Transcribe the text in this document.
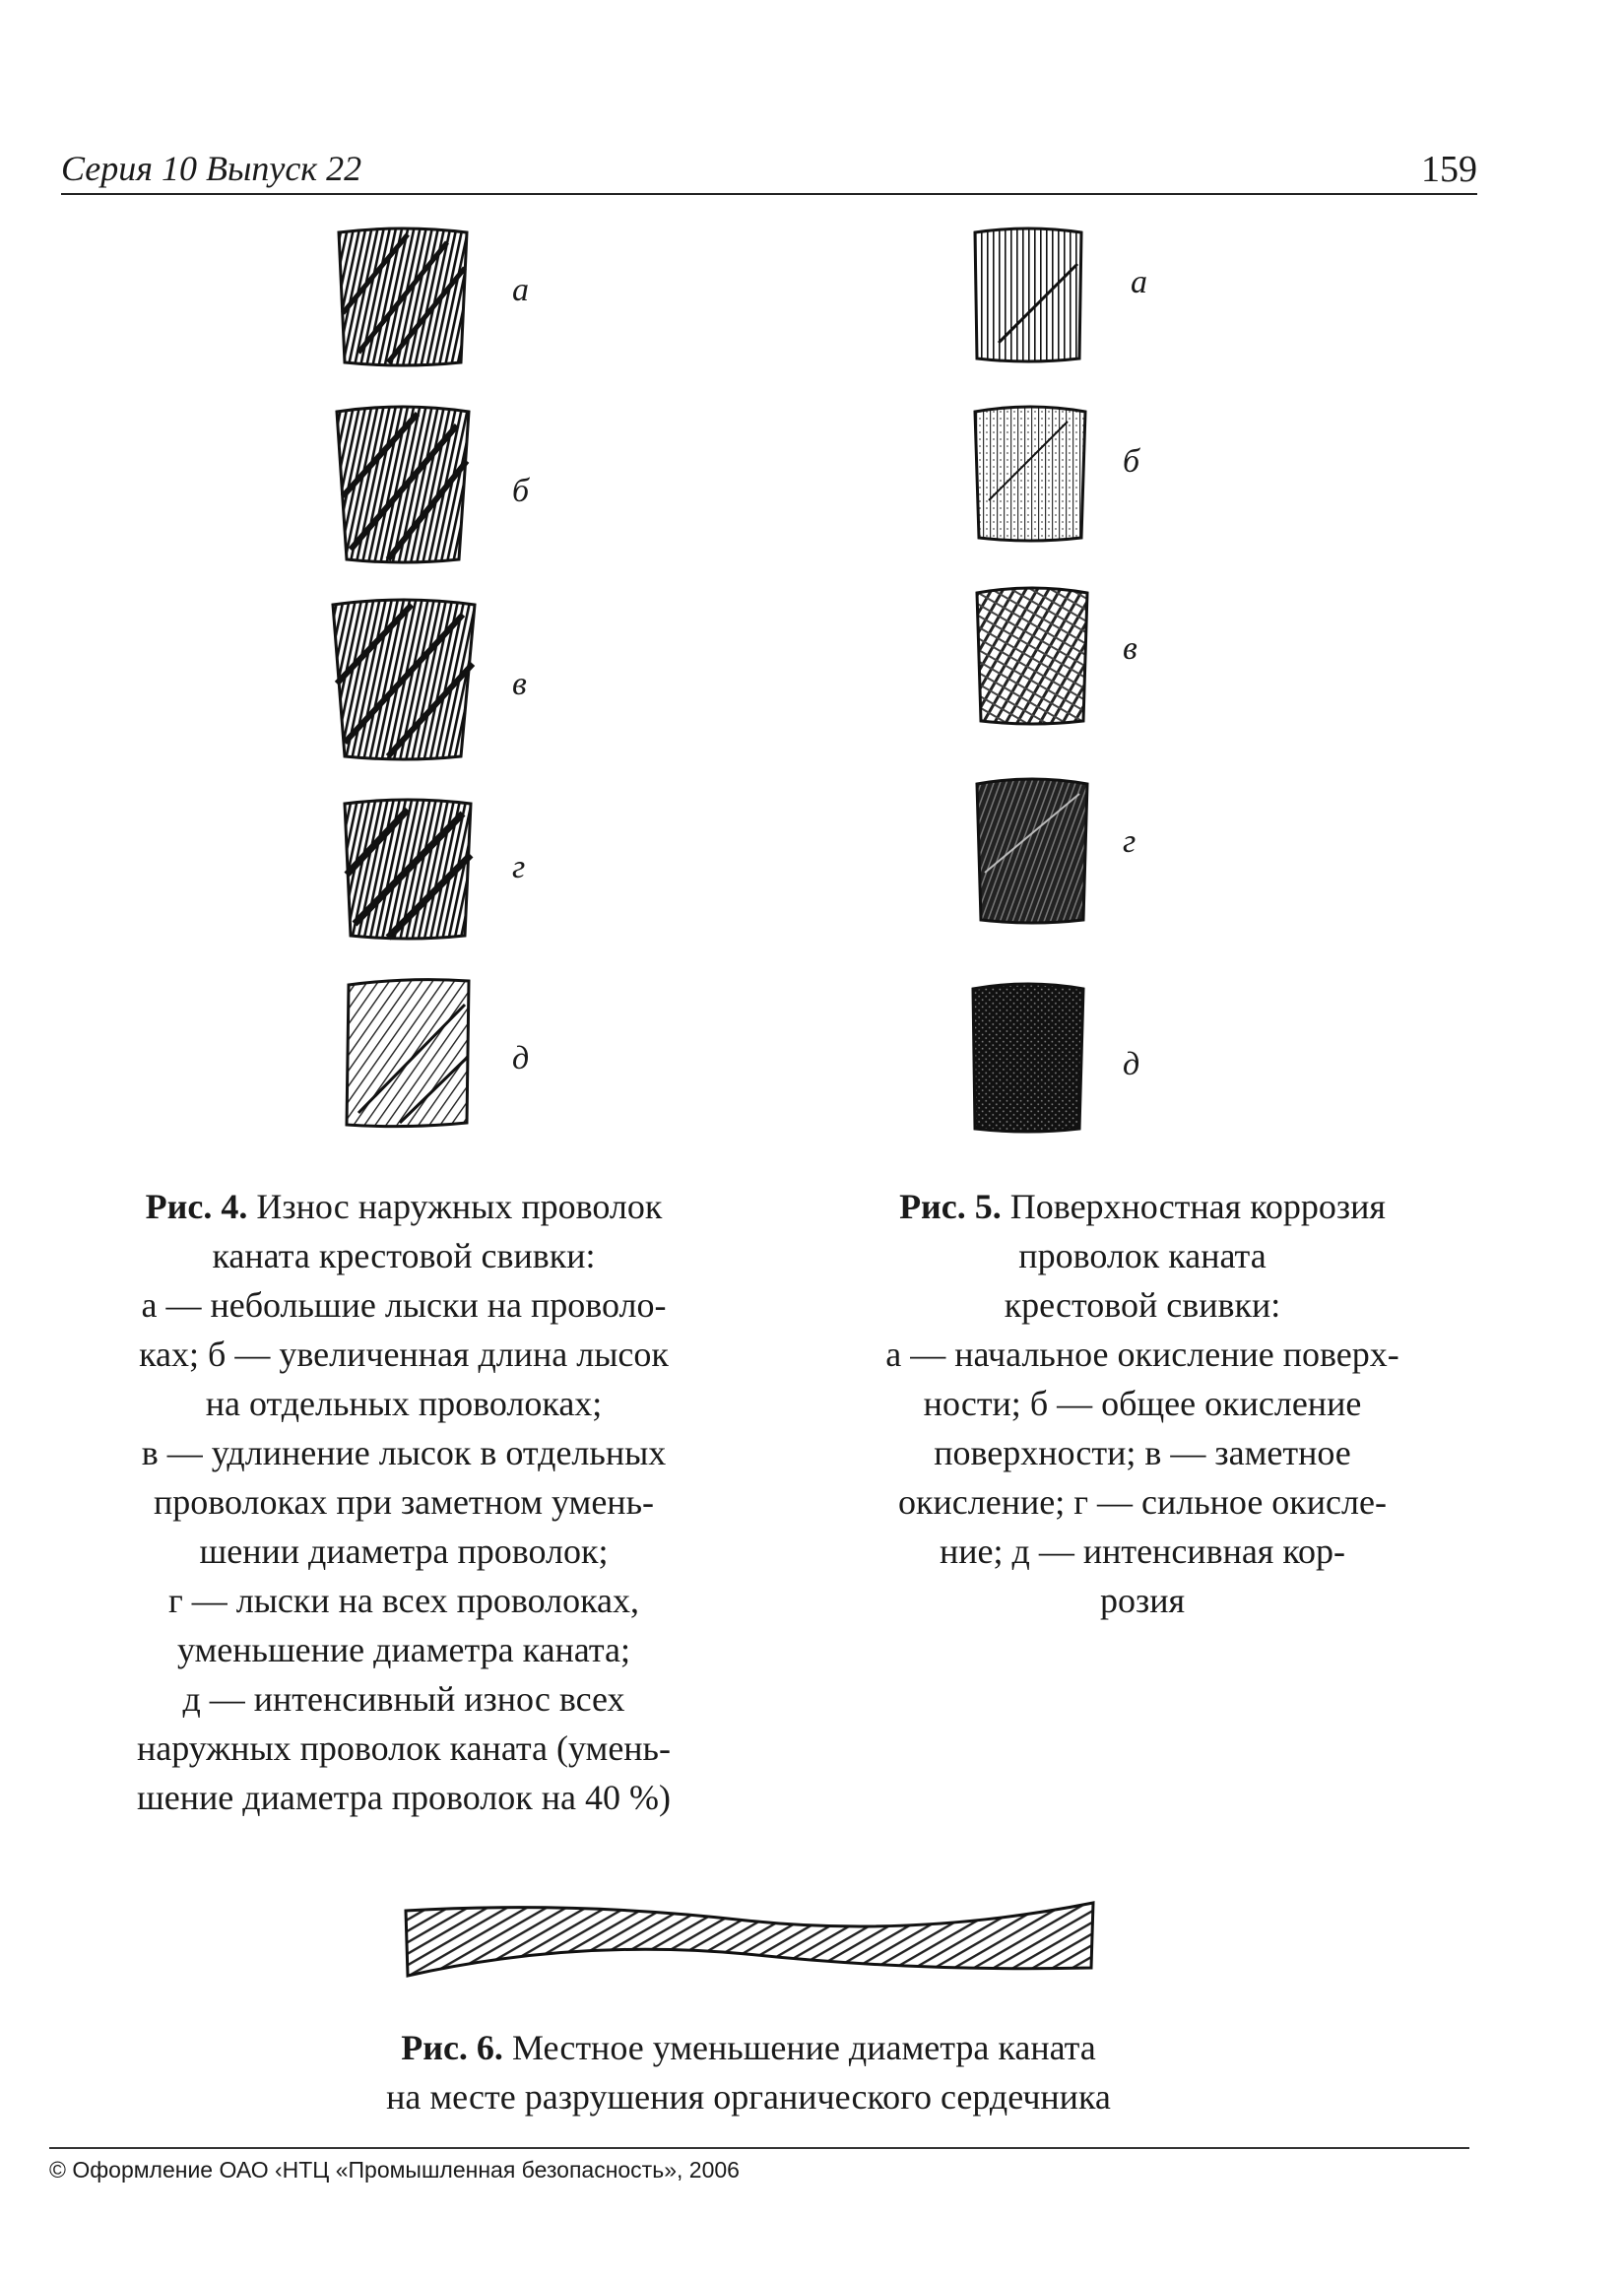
Серия 10 Выпуск 22	159
а
б
в
г
д
а
б
в
г
д
Рис. 4. Износ наружных проволок
каната крестовой свивки:
а — небольшие лыски на проволо-
ках; б — увеличенная длина лысок
на отдельных проволоках;
в — удлинение лысок в отдельных
проволоках при заметном умень-
шении диаметра проволок;
г — лыски на всех проволоках,
уменьшение диаметра каната;
д — интенсивный износ всех
наружных проволок каната (умень-
шение диаметра проволок на 40 %)
Рис. 5. Поверхностная коррозия
проволок каната
крестовой свивки:
а — начальное окисление поверх-
ности; б — общее окисление
поверхности; в — заметное
окисление; г — сильное окисле-
ние; д — интенсивная кор-
розия
Рис. 6. Местное уменьшение диаметра каната
на месте разрушения органического сердечника
© Оформление ОАО ‹НТЦ «Промышленная безопасность», 2006
